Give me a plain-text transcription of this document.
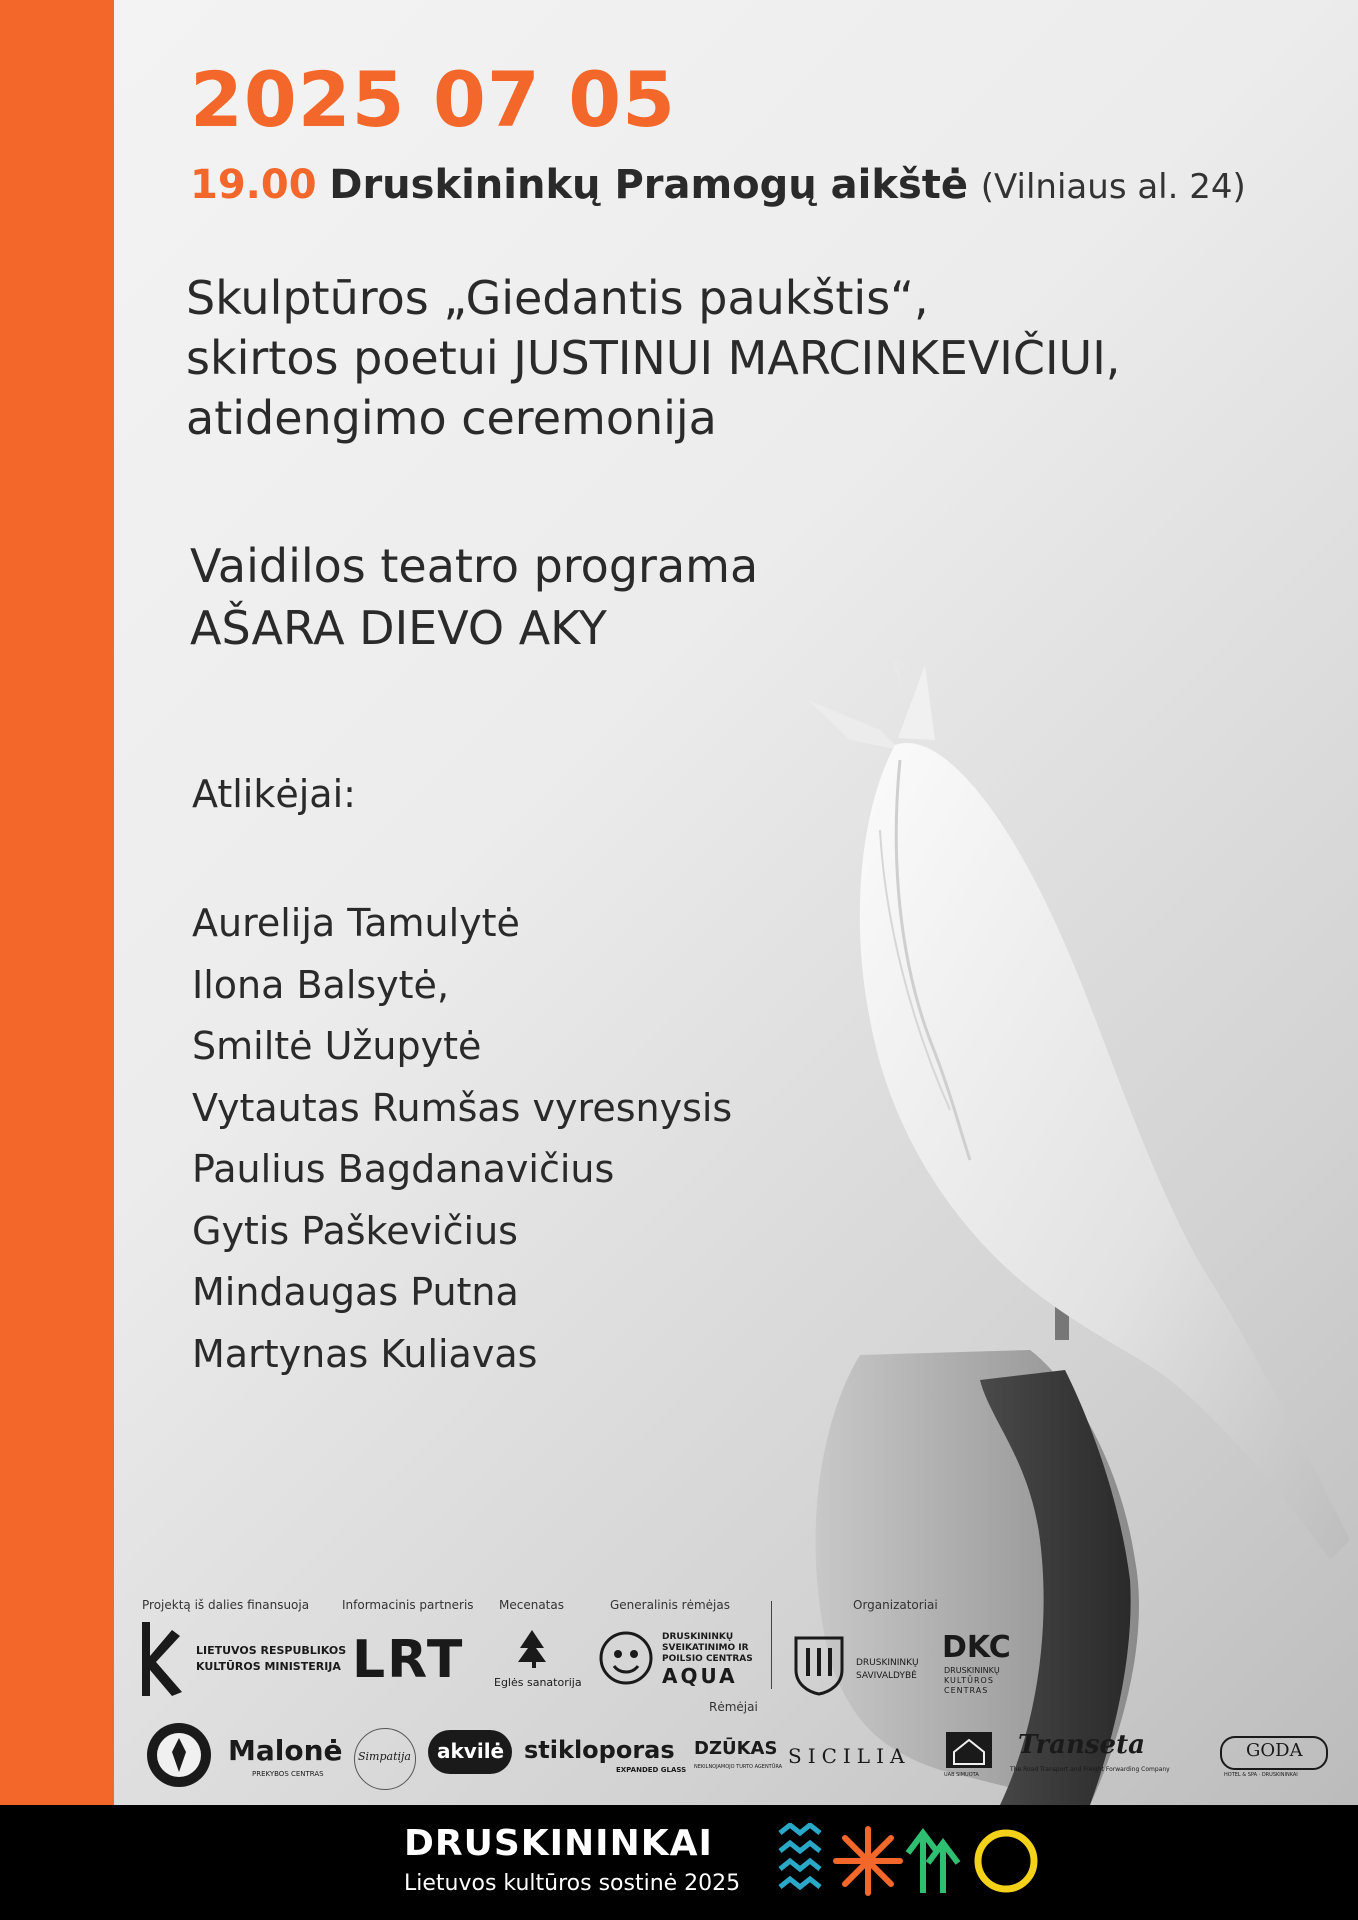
2025 07 05
19.00 Druskininkų Pramogų aikštė (Vilniaus al. 24)
Skulptūros „Giedantis paukštis“,
skirtos poetui JUSTINUI MARCINKEVIČIUI,
atidengimo ceremonija
Vaidilos teatro programa
AŠARA DIEVO AKY
Atlikėjai:
Aurelija Tamulytė
Ilona Balsytė,
Smiltė Užupytė
Vytautas Rumšas vyresnysis
Paulius Bagdanavičius
Gytis Paškevičius
Mindaugas Putna
Martynas Kuliavas
Projektą iš dalies finansuoja	Informacinis partneris Mecenatas	Generalinis rėmėjas	Organizatoriai
LIETUVOS RESPUBLIKOS
KULTŪROS MINISTERIJA LRT	Eglės sanatorija
DRUSKININKŲ
SVEIKATINIMO IR
POILSIO CENTRAS
AQUA
Rėmėjai
DRUSKININKŲ
SAVIVALDYBĖ
DKC
DRUSKININKŲ
KULTŪROS
CENTRAS
Malonė
PREKYBOS CENTRAS
Simpatija akvilė stikloporas
EXPANDED GLASS
DZŪKAS
NEKILNOJAMOJO TURTO AGENTŪRA SICILIA
UAB SIMUOTA
Transeta
The Road Transport and Freight Forwarding Company
GODA
HOTEL & SPA · DRUSKININKAI
DRUSKININKAI
Lietuvos kultūros sostinė 2025
